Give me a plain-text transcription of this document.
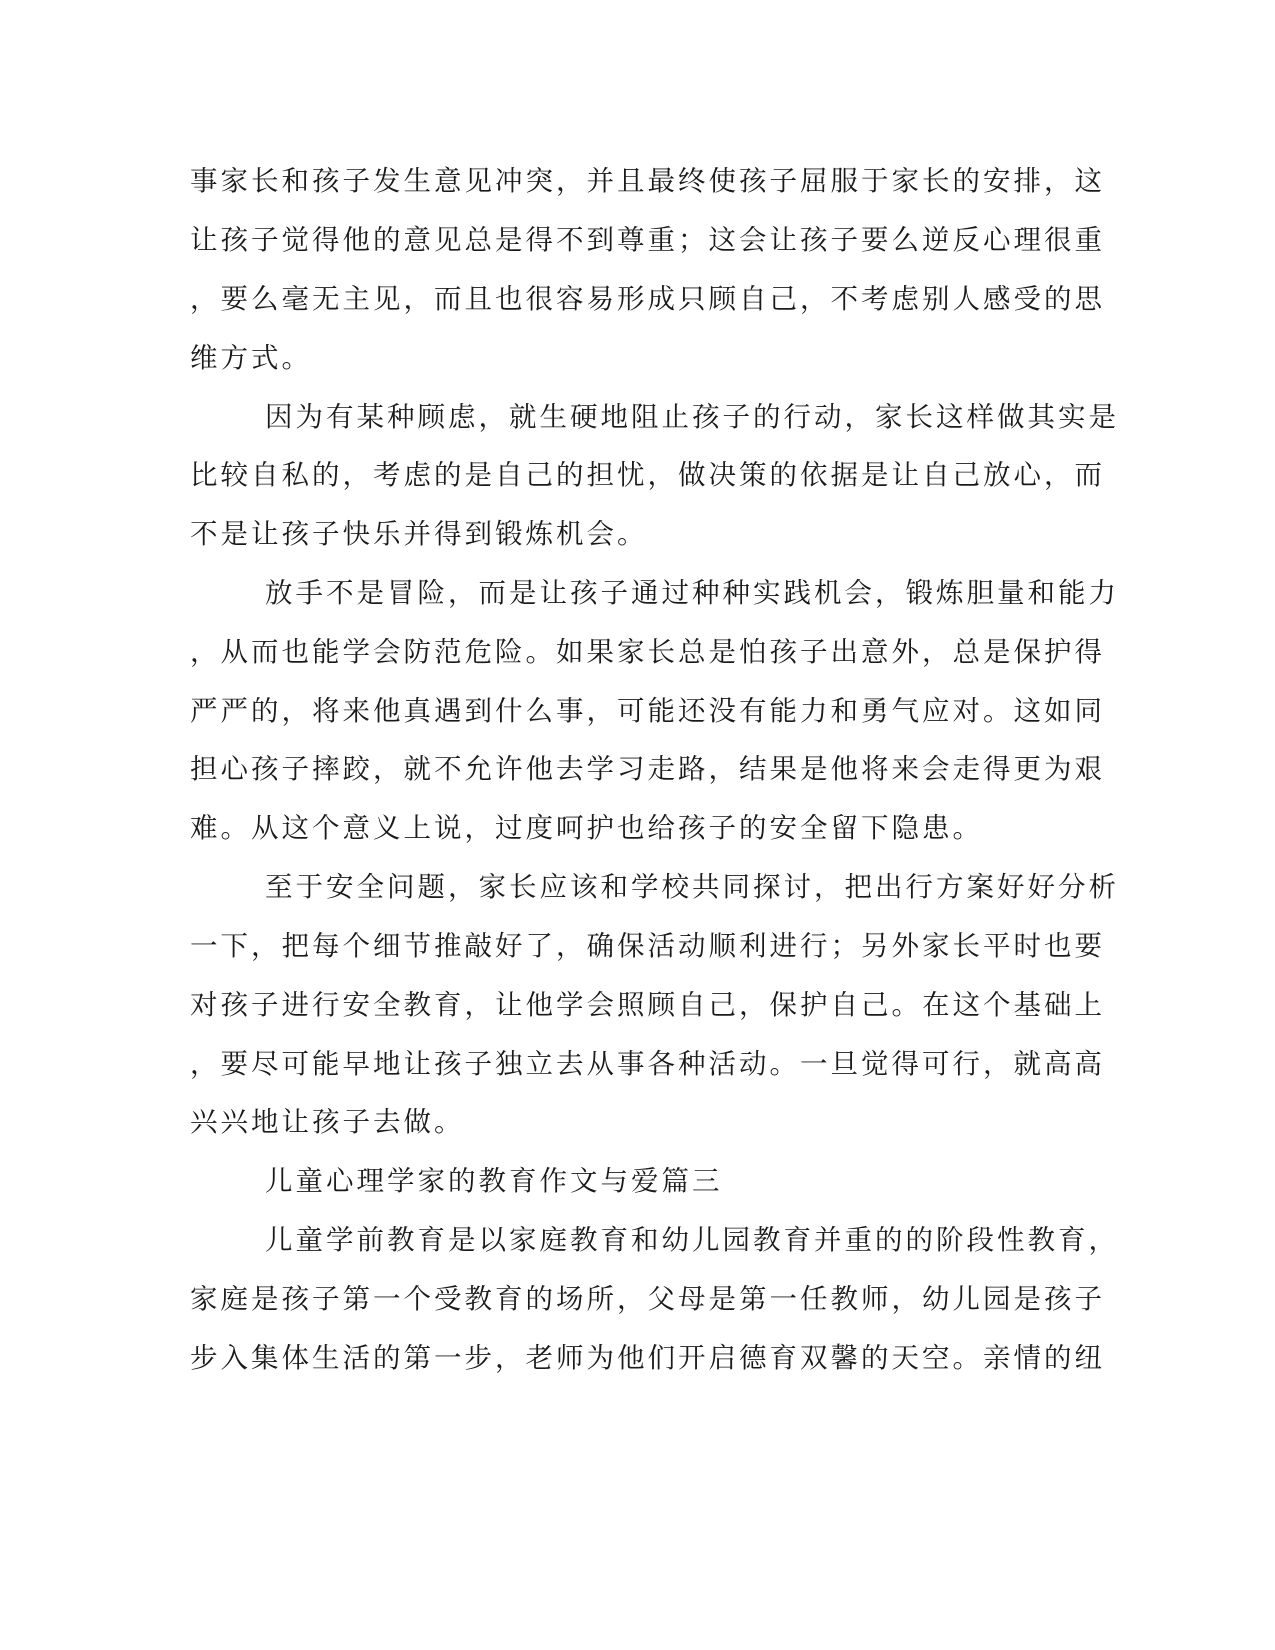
事家长和孩子发生意见冲突，并且最终使孩子屈服于家长的安排，这
让孩子觉得他的意见总是得不到尊重；这会让孩子要么逆反心理很重
，要么毫无主见，而且也很容易形成只顾自己，不考虑别人感受的思
维方式。
因为有某种顾虑，就生硬地阻止孩子的行动，家长这样做其实是
比较自私的，考虑的是自己的担忧，做决策的依据是让自己放心，而
不是让孩子快乐并得到锻炼机会。
放手不是冒险，而是让孩子通过种种实践机会，锻炼胆量和能力
，从而也能学会防范危险。如果家长总是怕孩子出意外，总是保护得
严严的，将来他真遇到什么事，可能还没有能力和勇气应对。这如同
担心孩子摔跤，就不允许他去学习走路，结果是他将来会走得更为艰
难。从这个意义上说，过度呵护也给孩子的安全留下隐患。
至于安全问题，家长应该和学校共同探讨，把出行方案好好分析
一下，把每个细节推敲好了，确保活动顺利进行；另外家长平时也要
对孩子进行安全教育，让他学会照顾自己，保护自己。在这个基础上
，要尽可能早地让孩子独立去从事各种活动。一旦觉得可行，就高高
兴兴地让孩子去做。
儿童心理学家的教育作文与爱篇三
儿童学前教育是以家庭教育和幼儿园教育并重的的阶段性教育，
家庭是孩子第一个受教育的场所，父母是第一任教师，幼儿园是孩子
步入集体生活的第一步，老师为他们开启德育双馨的天空。亲情的纽
